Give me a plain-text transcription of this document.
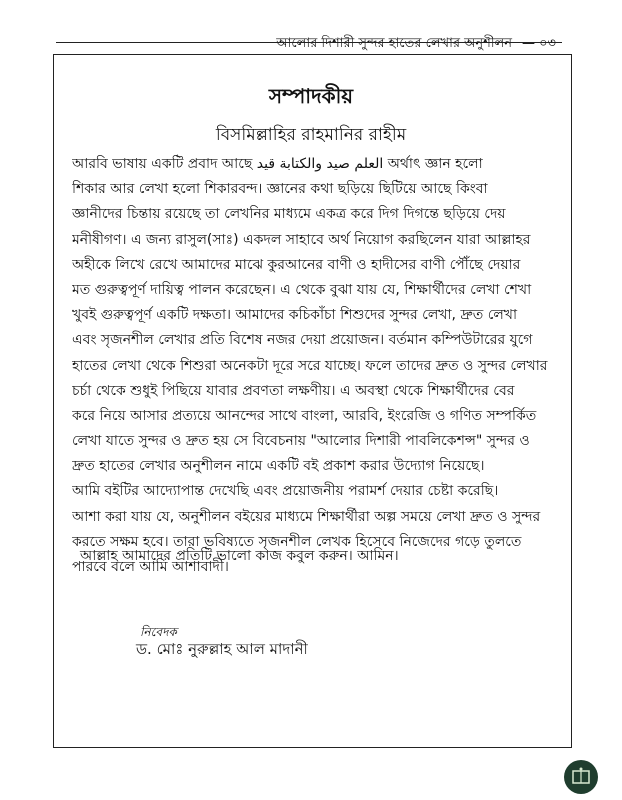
আলোর দিশারী সুন্দর হাতের লেখার অনুশীলন — ০৩
সম্পাদকীয়
বিসমিল্লাহির রাহমানির রাহীম
আরবি ভাষায় একটি প্রবাদ আছে العلم صيد والكتابة قيد অর্থাৎ জ্ঞান হলো
শিকার আর লেখা হলো শিকারবন্দ। জ্ঞানের কথা ছড়িয়ে ছিটিয়ে আছে কিংবা
জ্ঞানীদের চিন্তায় রয়েছে তা লেখনির মাধ্যমে একত্র করে দিগ দিগন্তে ছড়িয়ে দেয়
মনীষীগণ। এ জন্য রাসুল(সাঃ) একদল সাহাবে অর্থ নিয়োগ করছিলেন যারা আল্লাহর
অহীকে লিখে রেখে আমাদের মাঝে কুরআনের বাণী ও হাদীসের বাণী পৌঁছে দেয়ার
মত গুরুত্বপূর্ণ দায়িত্ব পালন করেছেন। এ থেকে বুঝা যায় যে, শিক্ষার্থীদের লেখা শেখা
খুবই গুরুত্বপূর্ণ একটি দক্ষতা। আমাদের কচিকাঁচা শিশুদের সুন্দর লেখা, দ্রুত লেখা
এবং সৃজনশীল লেখার প্রতি বিশেষ নজর দেয়া প্রয়োজন। বর্তমান কম্পিউটারের যুগে
হাতের লেখা থেকে শিশুরা অনেকটা দূরে সরে যাচ্ছে। ফলে তাদের দ্রুত ও সুন্দর লেখার
চর্চা থেকে শুধুই পিছিয়ে যাবার প্রবণতা লক্ষণীয়। এ অবস্থা থেকে শিক্ষার্থীদের বের
করে নিয়ে আসার প্রত্যয়ে আনন্দের সাথে বাংলা, আরবি, ইংরেজি ও গণিত সম্পর্কিত
লেখা যাতে সুন্দর ও দ্রুত হয় সে বিবেচনায় "আলোর দিশারী পাবলিকেশন্স" সুন্দর ও
দ্রুত হাতের লেখার অনুশীলন নামে একটি বই প্রকাশ করার উদ্যোগ নিয়েছে।
আমি বইটির আদ্যোপান্ত দেখেছি এবং প্রয়োজনীয় পরামর্শ দেয়ার চেষ্টা করেছি।
আশা করা যায় যে, অনুশীলন বইয়ের মাধ্যমে শিক্ষার্থীরা অল্প সময়ে লেখা দ্রুত ও সুন্দর
করতে সক্ষম হবে। তারা ভবিষ্যতে সৃজনশীল লেখক হিসেবে নিজেদের গড়ে তুলতে
পারবে বলে আমি আশাবাদী।
আল্লাহ আমাদের প্রতিটি ভালো কাজ কবুল করুন। আমিন।
নিবেদক
ড. মোঃ নুরুল্লাহ আল মাদানী
